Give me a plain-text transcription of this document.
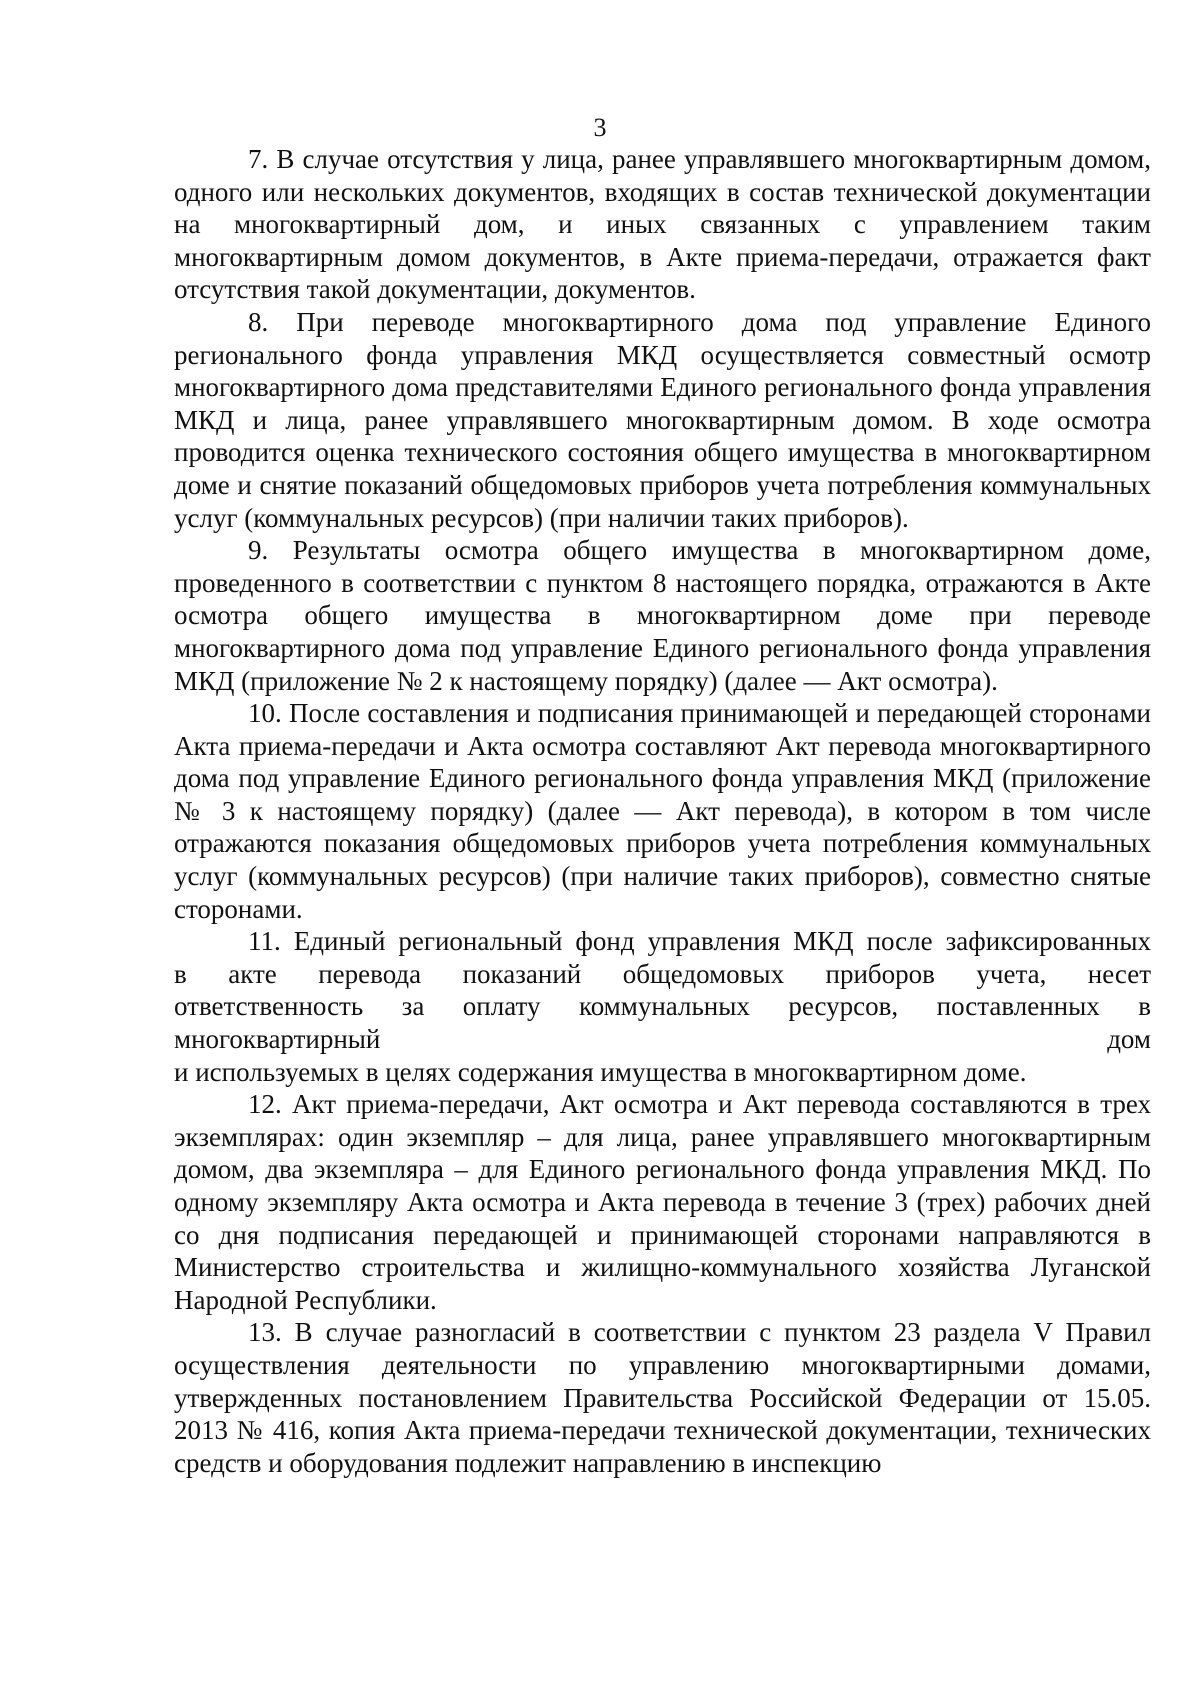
3

7. В случае отсутствия у лица, ранее управлявшего многоквартирным домом, одного или нескольких документов, входящих в состав технической документации на многоквартирный дом, и иных связанных с управлением таким многоквартирным домом документов, в Акте приема-передачи, отражается факт отсутствия такой документации, документов.

8. При переводе многоквартирного дома под управление Единого регионального фонда управления МКД осуществляется совместный осмотр многоквартирного дома представителями Единого регионального фонда управления МКД и лица, ранее управлявшего многоквартирным домом. В ходе осмотра проводится оценка технического состояния общего имущества в многоквартирном доме и снятие показаний общедомовых приборов учета потребления коммунальных услуг (коммунальных ресурсов) (при наличии таких приборов).

9. Результаты осмотра общего имущества в многоквартирном доме, проведенного в соответствии с пунктом 8 настоящего порядка, отражаются в Акте осмотра общего имущества в многоквартирном доме при переводе многоквартирного дома под управление Единого регионального фонда управления МКД (приложение № 2 к настоящему порядку) (далее — Акт осмотра).

10. После составления и подписания принимающей и передающей сторонами Акта приема-передачи и Акта осмотра составляют Акт перевода многоквартирного дома под управление Единого регионального фонда управления МКД (приложение № 3 к настоящему порядку) (далее — Акт перевода), в котором в том числе отражаются показания общедомовых приборов учета потребления коммунальных услуг (коммунальных ресурсов) (при наличие таких приборов), совместно снятые сторонами.

11. Единый региональный фонд управления МКД после зафиксированных
в акте перевода показаний общедомовых приборов учета, несет
ответственность за оплату коммунальных ресурсов, поставленных в
многоквартирный дом
и используемых в целях содержания имущества в многоквартирном доме.

12. Акт приема-передачи, Акт осмотра и Акт перевода составляются в трех экземплярах: один экземпляр – для лица, ранее управлявшего многоквартирным домом, два экземпляра – для Единого регионального фонда управления МКД. По одному экземпляру Акта осмотра и Акта перевода в течение 3 (трех) рабочих дней со дня подписания передающей и принимающей сторонами направляются в Министерство строительства и жилищно-коммунального хозяйства Луганской Народной Республики.

13. В случае разногласий в соответствии с пунктом 23 раздела V Правил осуществления деятельности по управлению многоквартирными домами, утвержденных постановлением Правительства Российской Федерации от 15.05. 2013 № 416, копия Акта приема-передачи технической документации, технических средств и оборудования подлежит направлению в инспекцию
